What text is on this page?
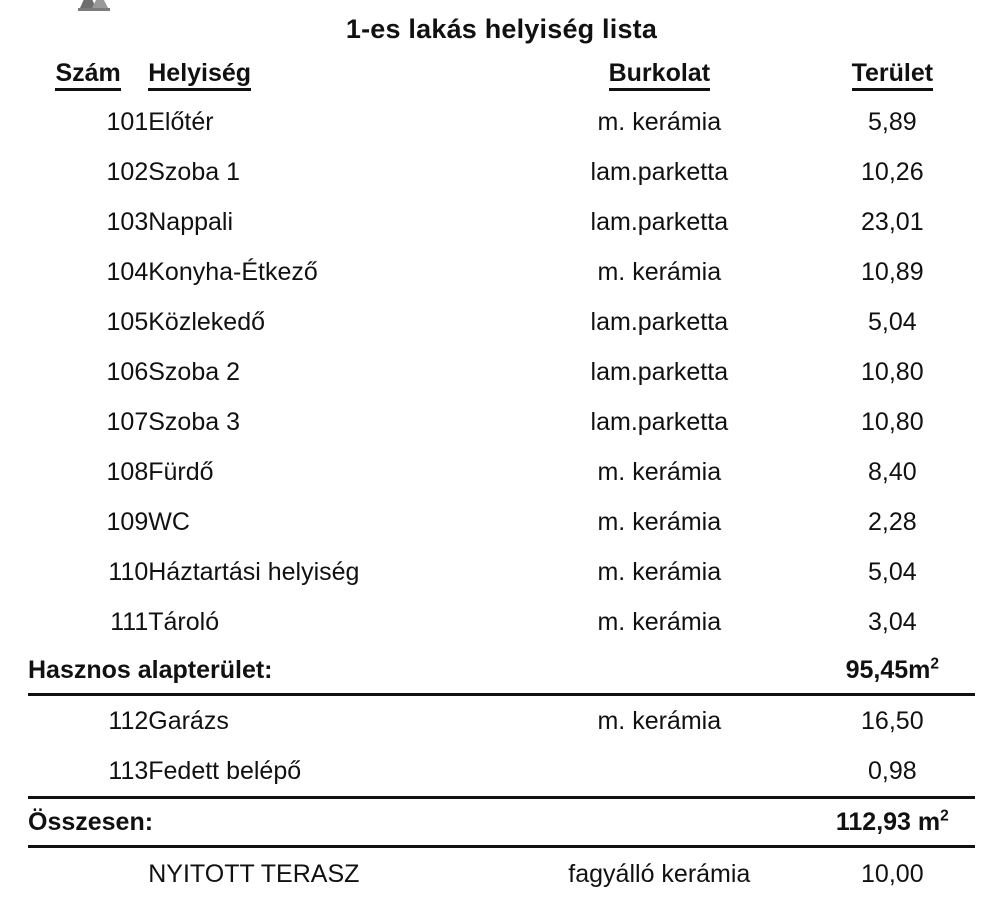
1-es lakás helyiség lista
Szám	Helyiség	Burkolat	Terület
101	Előtér	m. kerámia	5,89
102	Szoba 1	lam.parketta	10,26
103	Nappali	lam.parketta	23,01
104	Konyha-Étkező	m. kerámia	10,89
105	Közlekedő	lam.parketta	5,04
106	Szoba 2	lam.parketta	10,80
107	Szoba 3	lam.parketta	10,80
108	Fürdő	m. kerámia	8,40
109	WC	m. kerámia	2,28
110	Háztartási helyiség	m. kerámia	5,04
111	Tároló	m. kerámia	3,04
Hasznos alapterület:			$95,45m^2$
112	Garázs	m. kerámia	16,50
113	Fedett belépő		0,98
Összesen:			112,93 $m^2$
	NYITOTT TERASZ	fagyálló kerámia	10,00
